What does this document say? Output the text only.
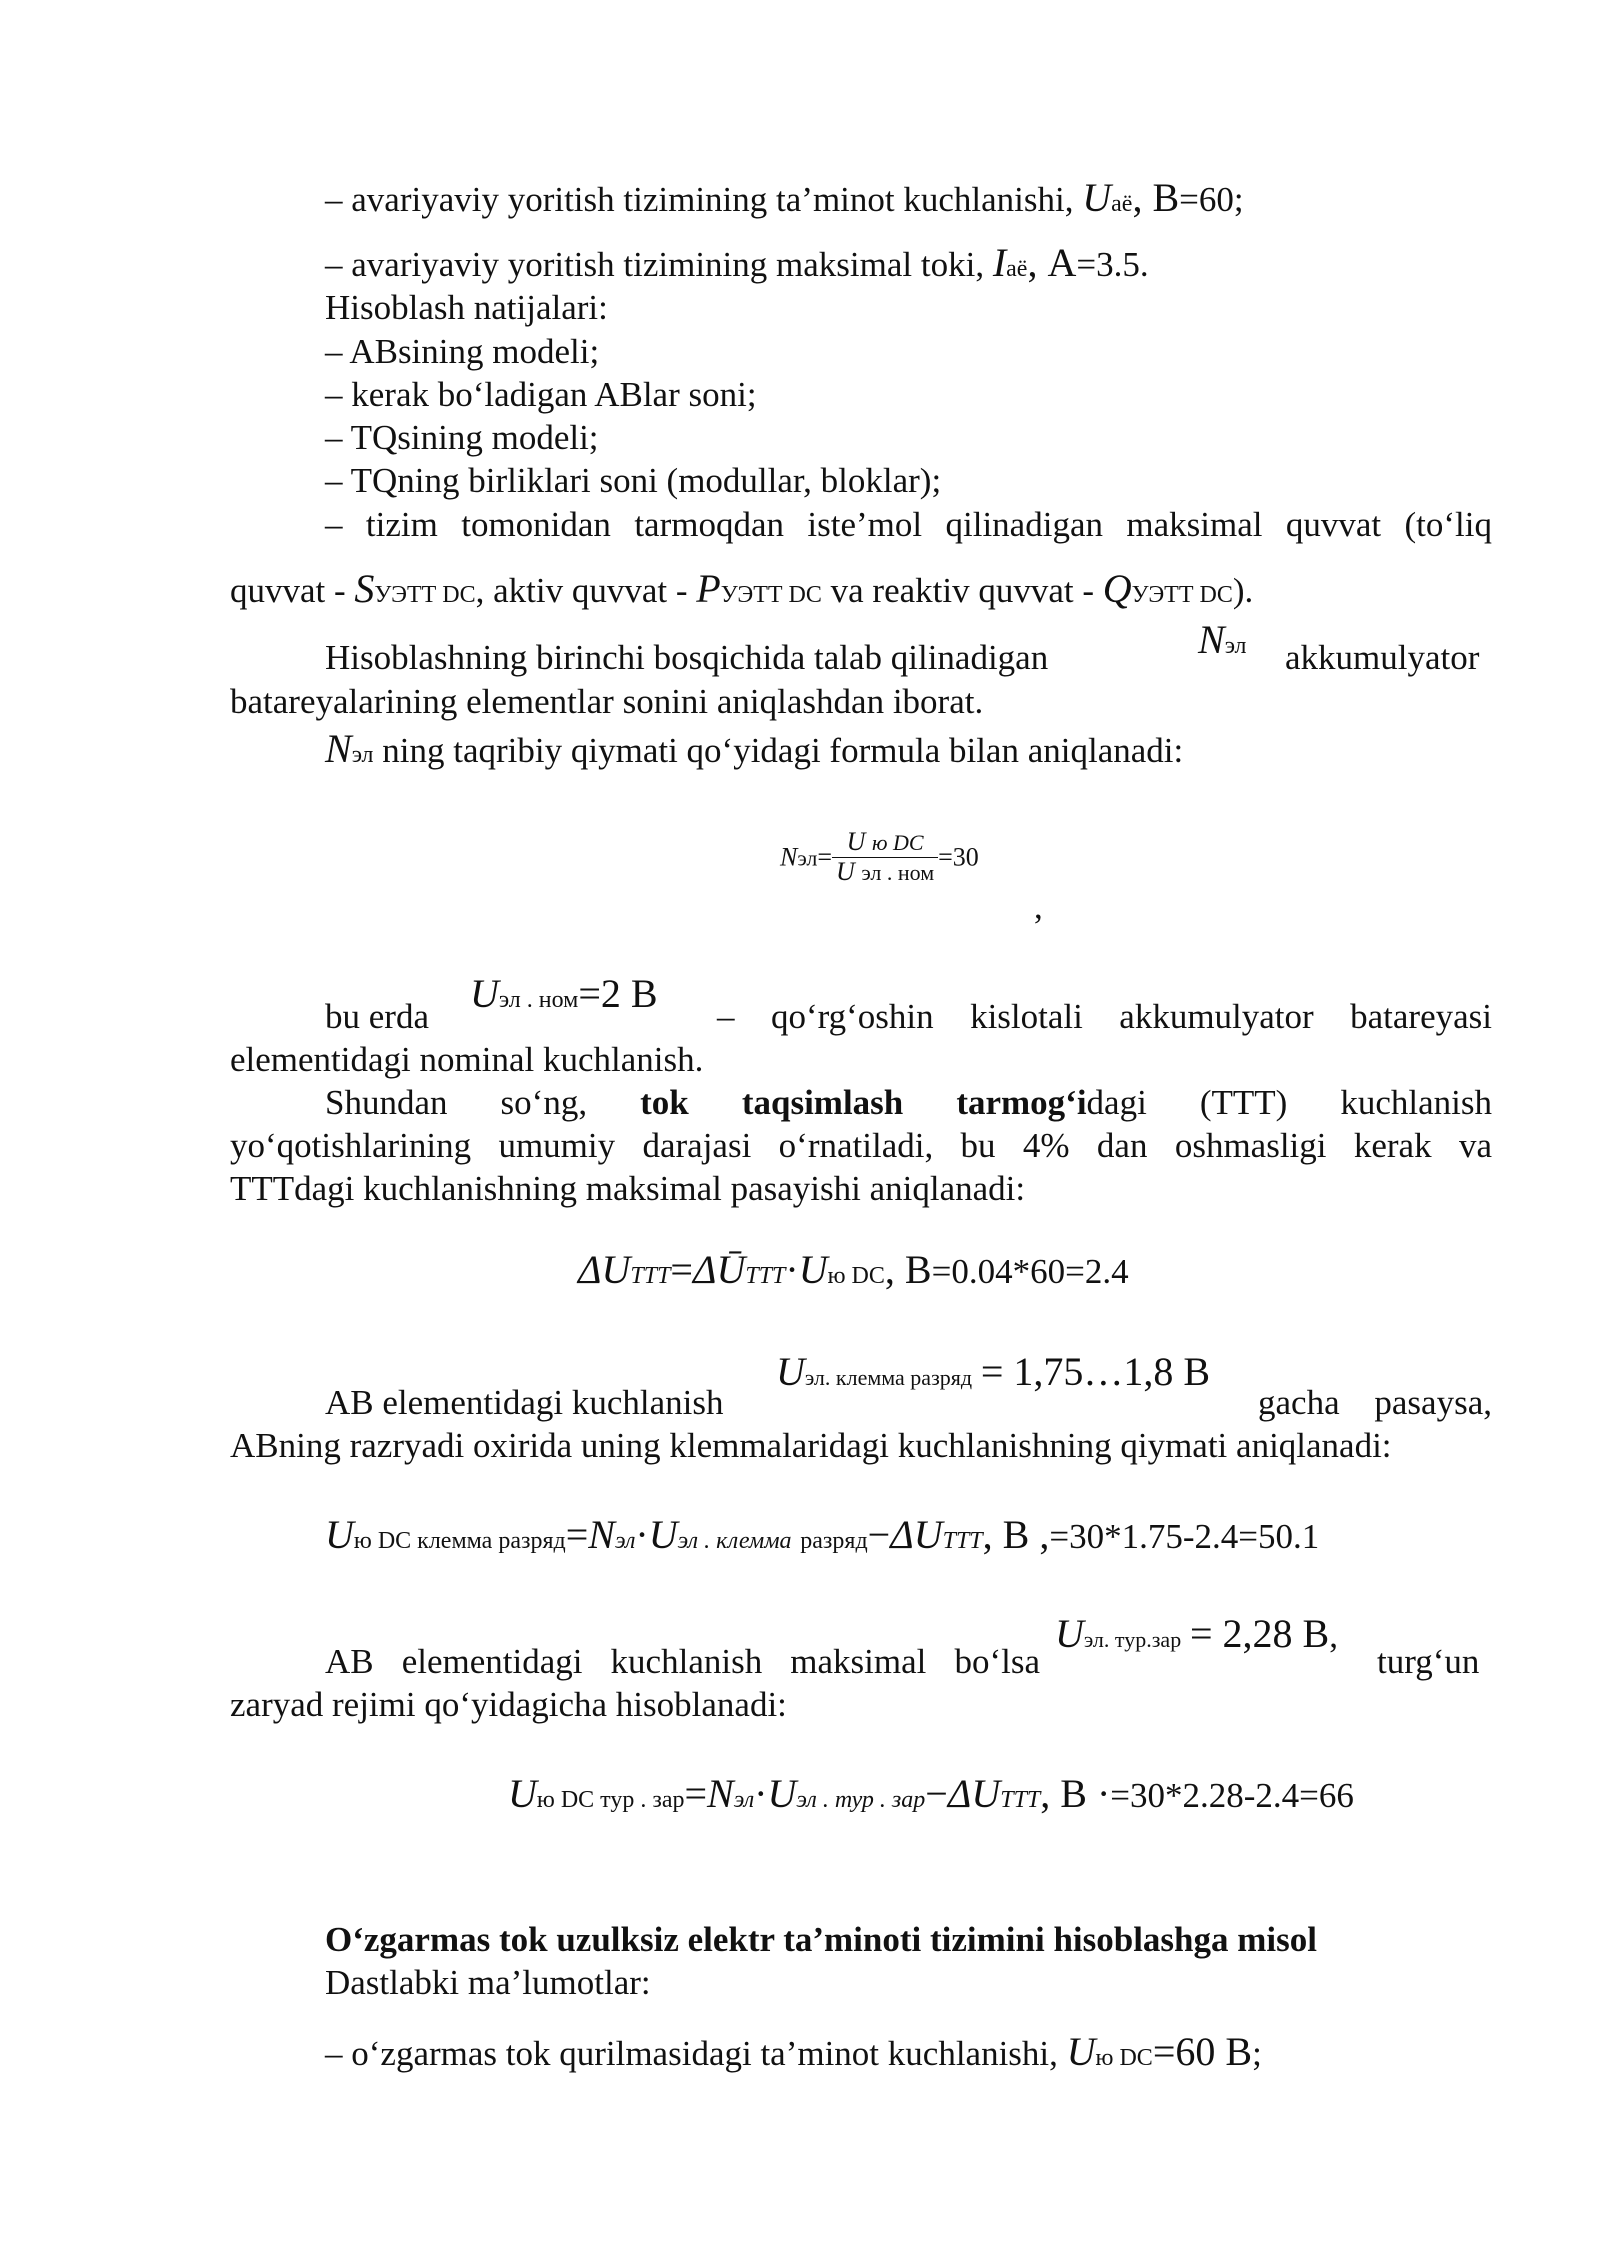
– avariyaviy yoritish tizimining ta’minot kuchlanishi, Uаё, В=60;
– avariyaviy yoritish tizimining maksimal toki, Iаё, А=3.5.
Hisoblash natijalari:
– ABsining modeli;
– kerak bo‘ladigan ABlar soni;
– TQsining modeli;
– TQning birliklari soni (modullar, bloklar);
– tizim tomonidan tarmoqdan iste’mol qilinadigan maksimal quvvat (to‘liq
quvvat - SУЭТТ DC, aktiv quvvat - PУЭТТ DC va reaktiv quvvat - QУЭТТ DC).
Hisoblashning birinchi bosqichida talab qilinadigan	Nэл akkumulyator
batareyalarining elementlar sonini aniqlashdan iborat.
Nэл ning taqribiy qiymati qo‘yidagi formula bilan aniqlanadi:
$Nэл= \frac{\text{U ю DC}}{\text{U эл . ном}} =30$
,
bu erda
Uэл . ном=2 В
– qo‘rg‘oshin kislotali akkumulyator batareyasi
elementidagi nominal kuchlanish.
Shundan so‘ng, tok taqsimlash tarmog‘idagi (TTT) kuchlanish
yo‘qotishlarining umumiy darajasi o‘rnatiladi, bu 4% dan oshmasligi kerak va
TTTdagi kuchlanishning maksimal pasayishi aniqlanadi:
ΔUTTT=ΔŪTTT·Uю DC, В=0.04*60=2.4
AB elementidagi kuchlanish
Uэл. клемма разряд = 1,75…1,8 В
gacha pasaysa,
ABning razryadi oxirida uning klemmalaridagi kuchlanishning qiymati aniqlanadi:
Uю DC клемма разряд=Nэл·Uэл . клемма разряд−ΔUTTT, В ,=30*1.75-2.4=50.1
AB elementidagi kuchlanish maksimal bo‘lsa
Uэл. тур.зар = 2,28 В,
turg‘un
zaryad rejimi qo‘yidagicha hisoblanadi:
Uю DC тур . зар=Nэл·Uэл . тур . зар−ΔUTTT, В ·=30*2.28-2.4=66
O‘zgarmas tok uzulksiz elektr ta’minoti tizimini hisoblashga misol
Dastlabki ma’lumotlar:
– o‘zgarmas tok qurilmasidagi ta’minot kuchlanishi, Uю DC=60 В;
